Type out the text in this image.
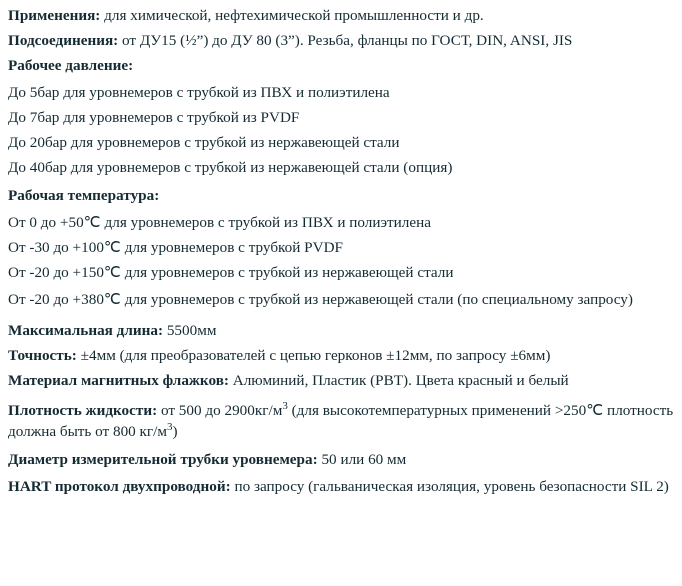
Применения: для химической, нефтехимической промышленности и др.
Подсоединения: от ДУ15 (½”) до ДУ 80 (3”). Резьба, фланцы по ГОСТ, DIN, ANSI, JIS
Рабочее давление:
До 5бар для уровнемеров с трубкой из ПВХ и полиэтилена
До 7бар для уровнемеров с трубкой из PVDF
До 20бар для уровнемеров с трубкой из нержавеющей стали
До 40бар для уровнемеров с трубкой из нержавеющей стали (опция)
Рабочая температура:
От 0 до +50℃ для уровнемеров с трубкой из ПВХ и полиэтилена
От -30 до +100℃ для уровнемеров с трубкой PVDF
От -20 до +150℃ для уровнемеров с трубкой из нержавеющей стали
От -20 до +380℃ для уровнемеров с трубкой из нержавеющей стали (по специальному запросу)
Максимальная длина: 5500мм
Точность: ±4мм (для преобразователей с цепью герконов ±12мм, по запросу ±6мм)
Материал магнитных флажков: Алюминий, Пластик (PBT). Цвета красный и белый
Плотность жидкости: от 500 до $2900кг/м^3$ (для высокотемпературных применений >250℃ плотность должна быть от 800 $кг/м^3$)
Диаметр измерительной трубки уровнемера: 50 или 60 мм
HART протокол двухпроводной: по запросу (гальваническая изоляция, уровень безопасности SIL 2)
